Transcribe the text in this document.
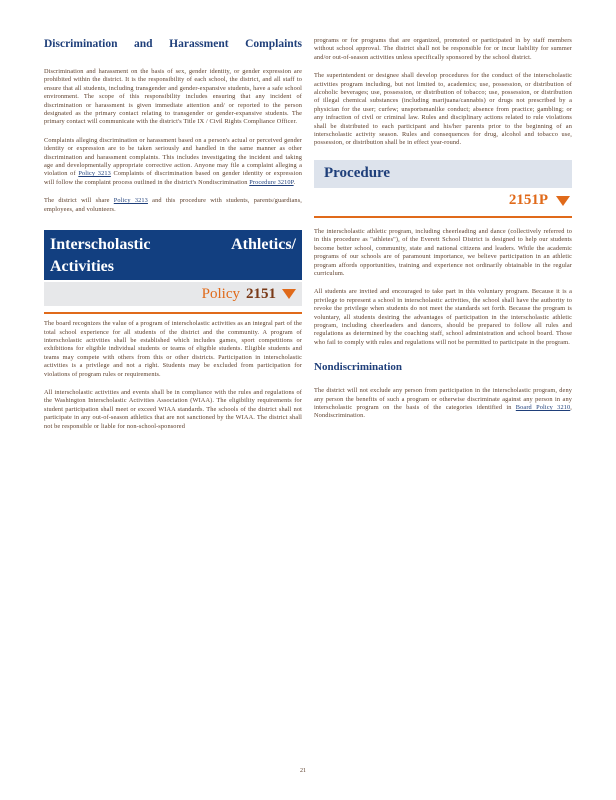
Discrimination and Harassment Complaints

Discrimination and harassment on the basis of sex, gender identity, or gender expression are prohibited within the district. It is the responsibility of each school, the district, and all staff to ensure that all students, including transgender and gender-expansive students, have a safe school environment. The scope of this responsibility includes ensuring that any incident of discrimination or harassment is given immediate attention and/ or reported to the person designated as the primary contact relating to transgender or gender-expansive students. The primary contact will communicate with the district's Title IX / Civil Rights Compliance Officer.

Complaints alleging discrimination or harassment based on a person's actual or perceived gender identity or expression are to be taken seriously and handled in the same manner as other discrimination and harassment complaints. This includes investigating the incident and taking age and developmentally appropriate corrective action. Anyone may file a complaint alleging a violation of Policy 3213 Complaints of discrimination based on gender identity or expression will follow the complaint process outlined in the district's Nondiscrimination Procedure 3210P.

The district will share Policy 3213 and this procedure with students, parents/guardians, employees, and volunteers.

Interscholastic	Athletics/
Activities
Policy 2151

The board recognizes the value of a program of interscholastic activities as an integral part of the total school experience for all students of the district and the community. A program of interscholastic activities shall be established which includes games, sport competitions or exhibitions for eligible individual students or teams of eligible students. Eligible students and teams may compete with others from this or other districts. Participation in interscholastic activities is a privilege and not a right. Students may be excluded from participation for violations of program rules or requirements.

All interscholastic activities and events shall be in compliance with the rules and regulations of the Washington Interscholastic Activities Association (WIAA). The eligibility requirements for student participation shall meet or exceed WIAA standards. The schools of the district shall not participate in any out-of-season athletics that are not sanctioned by the WIAA. The district shall not be responsible or liable for non-school-sponsored

programs or for programs that are organized, promoted or participated in by staff members without school approval. The district shall not be responsible for or incur liability for summer and/or out-of-season activities unless specifically sponsored by the school district.

The superintendent or designee shall develop procedures for the conduct of the interscholastic activities program including, but not limited to, academics; use, possession, or distribution of alcoholic beverages; use, possession, or distribution of tobacco; use, possession, or distribution of illegal chemical substances (including marijuana/cannabis) or drugs not prescribed by a physician for the user; curfew; unsportsmanlike conduct; absence from practice; gambling; or any infraction of civil or criminal law. Rules and disciplinary actions related to rule violations shall be distributed to each participant and his/her parents prior to the beginning of an interscholastic activity season. Rules and consequences for drug, alcohol and tobacco use, possession, or distribution shall be in effect year-round.

Procedure
2151P

The interscholastic athletic program, including cheerleading and dance (collectively referred to in this procedure as "athletes"), of the Everett School District is designed to help our students become better school, community, state and national citizens and leaders. While the academic programs of our schools are of paramount importance, we believe participation in an athletic program affords opportunities, training and experience not ordinarily obtainable in the regular curriculum.

All students are invited and encouraged to take part in this voluntary program. Because it is a privilege to represent a school in interscholastic activities, the school shall have the authority to revoke the privilege when students do not meet the standards set forth. Because the program is voluntary, all students desiring the advantages of participation in the interscholastic athletic program, including cheerleaders and dancers, should be prepared to follow all rules and regulations as determined by the coaching staff, school administration and school board. Those who fail to comply with rules and regulations will not be permitted to participate in the program.

Nondiscrimination

The district will not exclude any person from participation in the interscholastic program, deny any person the benefits of such a program or otherwise discriminate against any person in any interscholastic program on the basis of the categories identified in Board Policy 3210, Nondiscrimination.

21
